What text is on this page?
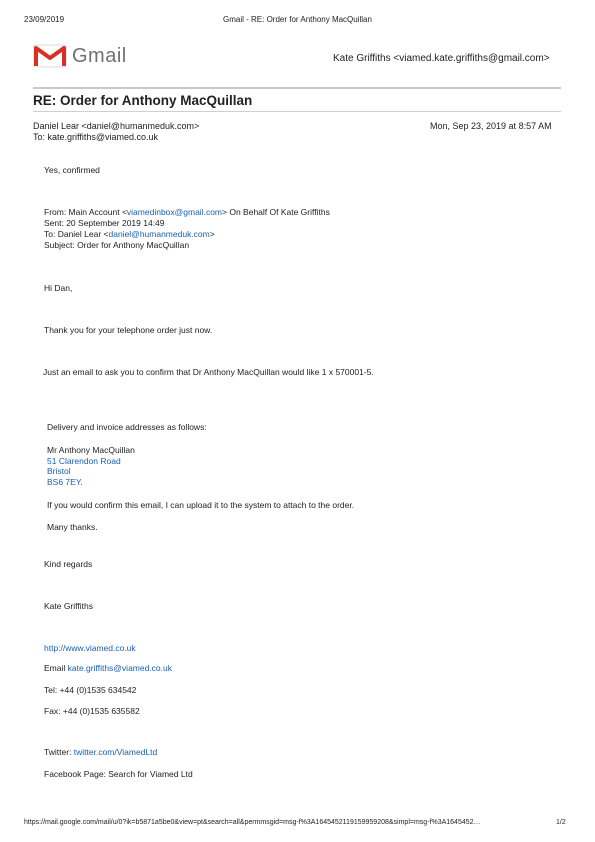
23/09/2019	Gmail - RE: Order for Anthony MacQuillan
Gmail	Kate Griffiths <viamed.kate.griffiths@gmail.com>
RE: Order for Anthony MacQuillan
Daniel Lear <daniel@humanmeduk.com>	Mon, Sep 23, 2019 at 8:57 AM
To: kate.griffiths@viamed.co.uk
Yes, confirmed
From: Main Account <viamedinbox@gmail.com> On Behalf Of Kate Griffiths
Sent: 20 September 2019 14:49
To: Daniel Lear <daniel@humanmeduk.com>
Subject: Order for Anthony MacQuillan
Hi Dan,
Thank you for your telephone order just now.
Just an email to ask you to confirm that Dr Anthony MacQuillan would like 1 x 570001-5.
Delivery and invoice addresses as follows:
Mr Anthony MacQuillan
51 Clarendon Road
Bristol
BS6 7EY.
If you would confirm this email, I can upload it to the system to attach to the order.
Many thanks.
Kind regards
Kate Griffiths
http://www.viamed.co.uk
Email kate.griffiths@viamed.co.uk
Tel: +44 (0)1535 634542
Fax: +44 (0)1535 635582
Twitter: twitter.com/ViamedLtd
Facebook Page: Search for Viamed Ltd
https://mail.google.com/mail/u/0?ik=b5871a5be0&view=pt&search=all&permmsgid=msg-f%3A1645452119159959208&simpl=msg-f%3A1645452…	1/2
